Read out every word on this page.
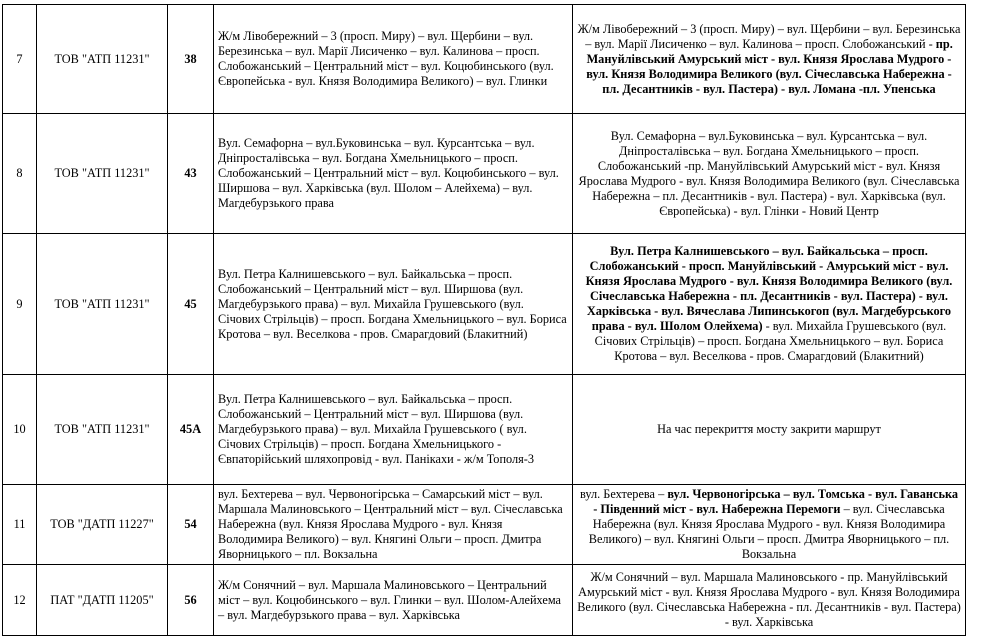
7	ТОВ "АТП 11231"	38	Ж/м Лівобережний – 3 (просп. Миру) – вул. Щербини – вул. Березинська – вул. Марії Лисиченко – вул. Калинова – просп. Слобожанський – Центральний міст – вул. Коцюбинського (вул. Європейська - вул. Князя Володимира Великого) – вул. Глинки	Ж/м Лівобережний – 3 (просп. Миру) – вул. Щербини – вул. Березинська – вул. Марії Лисиченко – вул. Калинова – просп. Слобожанський - пр. Мануйлівський Амурський міст - вул. Князя Ярослава Мудрого - вул. Князя Володимира Великого (вул. Січеславська Набережна - пл. Десантників - вул. Пастера) - вул. Ломана -пл. Упенська
8	ТОВ "АТП 11231"	43	Вул. Семафорна – вул.Буковинська – вул. Курсантська – вул. Дніпросталівська – вул. Богдана Хмельницького – просп. Слобожанський – Центральний міст – вул. Коцюбинського – вул. Ширшова – вул. Харківська (вул. Шолом – Алейхема) – вул. Магдебурзького права	Вул. Семафорна – вул.Буковинська – вул. Курсантська – вул. Дніпросталівська – вул. Богдана Хмельницького – просп. Слобожанський -пр. Мануйлівський Амурський міст - вул. Князя Ярослава Мудрого - вул. Князя Володимира Великого (вул. Січеславська Набережна – пл. Десантників - вул. Пастера) - вул. Харківська (вул. Європейська) - вул. Глінки - Новий Центр
9	ТОВ "АТП 11231"	45	Вул. Петра Калнишевського – вул. Байкальська – просп. Слобожанський – Центральний міст – вул. Ширшова (вул. Магдебурзького права) – вул. Михайла Грушевського (вул. Січових Стрільців) – просп. Богдана Хмельницького – вул. Бориса Кротова – вул. Веселкова - пров. Смарагдовий (Блакитний)	Вул. Петра Калнишевського – вул. Байкальська – просп. Слобожанський - просп. Мануйлівський - Амурський міст - вул. Князя Ярослава Мудрого - вул. Князя Володимира Великого (вул. Січеславська Набережна - пл. Десантників - вул. Пастера) - вул. Харківська - вул. Вячеслава Липинськогоп (вул. Магдебурського права - вул. Шолом Олейхема) - вул. Михайла Грушевського (вул. Січових Стрільців) – просп. Богдана Хмельницького – вул. Бориса Кротова – вул. Веселкова - пров. Смарагдовий (Блакитний)
10	ТОВ "АТП 11231"	45А	Вул. Петра Калнишевського – вул. Байкальська – просп. Слобожанський – Центральний міст – вул. Ширшова (вул. Магдебурзького права) – вул. Михайла Грушевського ( вул. Січових Стрільців) – просп. Богдана Хмельницького - Євпаторійський шляхопровід - вул. Панікахи - ж/м Тополя-3	На час перекриття мосту закрити маршрут
11	ТОВ "ДАТП 11227"	54	вул. Бехтерева – вул. Червоногірська – Самарський міст – вул. Маршала Малиновського – Центральний міст – вул. Січеславська Набережна (вул. Князя Ярослава Мудрого - вул. Князя Володимира Великого) – вул. Княгині Ольги – просп. Дмитра Яворницького – пл. Вокзальна	вул. Бехтерева – вул. Червоногірська – вул. Томська - вул. Гаванська - Південний міст - вул. Набережна Перемоги – вул. Січеславська Набережна (вул. Князя Ярослава Мудрого - вул. Князя Володимира Великого) – вул. Княгині Ольги – просп. Дмитра Яворницького – пл. Вокзальна
12	ПАТ "ДАТП 11205"	56	Ж/м Сонячний – вул. Маршала Малиновського – Центральний міст – вул. Коцюбинського – вул. Глинки – вул. Шолом-Алейхема – вул. Магдебурзького права – вул. Харківська	Ж/м Сонячний – вул. Маршала Малиновського - пр. Мануйлівський Амурський міст - вул. Князя Ярослава Мудрого - вул. Князя Володимира Великого (вул. Січеславська Набережна - пл. Десантників - вул. Пастера) - вул. Харківська
